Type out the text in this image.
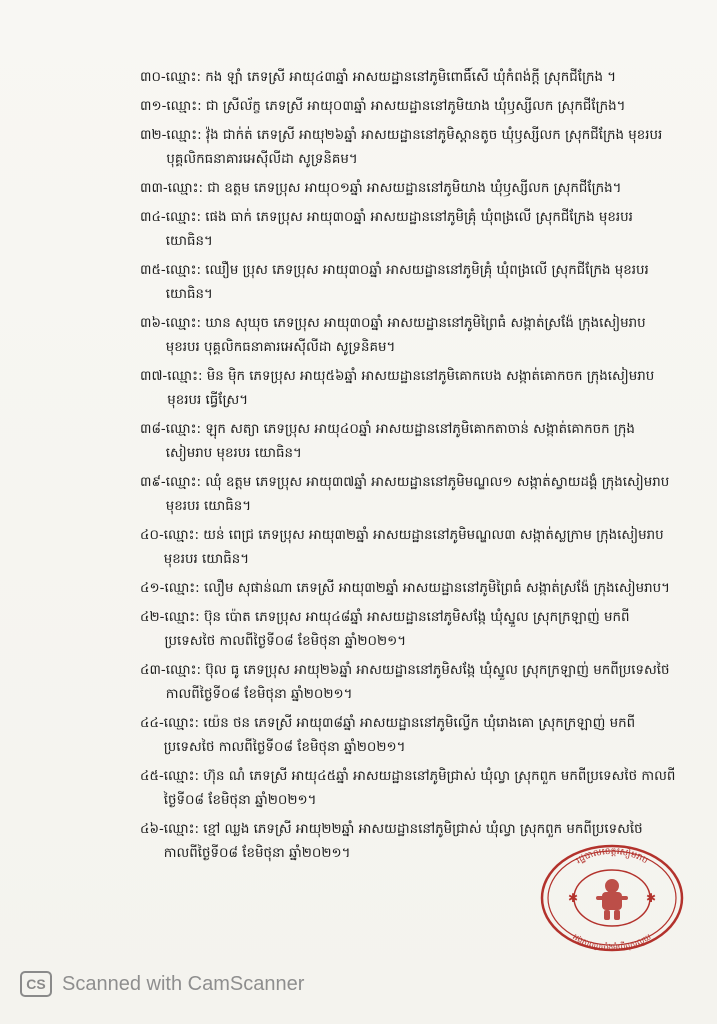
៣០- ឈ្មោះ: កង ឡាំ ភេទស្រី អាយុ៤៣ឆ្នាំ អាសយដ្ឋាននៅភូមិពោធិ៍សើ ឃុំកំពង់ក្តី ស្រុកជីក្រែង ។
៣១- ឈ្មោះ: ជា ស្រីល័ក្ខ ភេទស្រី អាយុ០៣ឆ្នាំ អាសយដ្ឋាននៅភូមិយាង ឃុំឫស្សីលក ស្រុកជីក្រែង។
៣២- ឈ្មោះ: វ៉ុង ជាក់ត់ ភេទស្រី អាយុ២៦ឆ្នាំ អាសយដ្ឋាននៅភូមិស្តានតូច ឃុំឫស្សីលក ស្រុកជីក្រែង មុខរបរ បុគ្គលិកធនាគារអេស៊ីលីដា សូទ្រនិគម។
៣៣- ឈ្មោះ: ជា ឧត្តម ភេទប្រុស អាយុ០១ឆ្នាំ អាសយដ្ឋាននៅភូមិយាង ឃុំឫស្សីលក ស្រុកជីក្រែង។
៣៤- ឈ្មោះ: ផេង ធាក់ ភេទប្រុស អាយុ៣០ឆ្នាំ អាសយដ្ឋាននៅភូមិគ្រុំ ឃុំពង្រលើ ស្រុកជីក្រែង មុខរបរ យោធិន។
៣៥- ឈ្មោះ: ឈឿម ប្រុស ភេទប្រុស អាយុ៣០ឆ្នាំ អាសយដ្ឋាននៅភូមិគ្រុំ ឃុំពង្រលើ ស្រុកជីក្រែង មុខរបរ យោធិន។
៣៦- ឈ្មោះ: ឃាន សុឃុច ភេទប្រុស អាយុ៣០ឆ្នាំ អាសយដ្ឋាននៅភូមិព្រៃធំ សង្កាត់ស្រង៉ែ ក្រុងសៀមរាប មុខរបរ បុគ្គលិកធនាគារអេស៊ីលីដា សូទ្រនិគម។
៣៧- ឈ្មោះ: មិន ម៉ិក ភេទប្រុស អាយុ៥៦ឆ្នាំ អាសយដ្ឋាននៅភូមិគោកបេង សង្កាត់គោកចក ក្រុងសៀមរាប មុខរបរ ធ្វើស្រែ។
៣៨- ឈ្មោះ: ឡុក សត្យា ភេទប្រុស អាយុ៤០ឆ្នាំ អាសយដ្ឋាននៅភូមិគោកតាចាន់ សង្កាត់គោកចក ក្រុងសៀមរាប មុខរបរ យោធិន។
៣៩- ឈ្មោះ: ឈុំ ឧត្តម ភេទប្រុស អាយុ៣៧ឆ្នាំ អាសយដ្ឋាននៅភូមិមណ្ឌល១ សង្កាត់ស្វាយដង្គំ ក្រុងសៀមរាប មុខរបរ យោធិន។
៤០- ឈ្មោះ: យន់ ពេជ្រ ភេទប្រុស អាយុ៣២ឆ្នាំ អាសយដ្ឋាននៅភូមិមណ្ឌល៣ សង្កាត់ស្លក្រាម ក្រុងសៀមរាប មុខរបរ យោធិន។
៤១- ឈ្មោះ: លឿម សុផាន់ណា ភេទស្រី អាយុ៣២ឆ្នាំ អាសយដ្ឋាននៅភូមិព្រៃធំ សង្កាត់ស្រង៉ែ ក្រុងសៀមរាប។
៤២- ឈ្មោះ: ប៊ុន ប៉ោត ភេទប្រុស អាយុ៤៨ឆ្នាំ អាសយដ្ឋាននៅភូមិសង្កែ ឃុំស្នួល ស្រុកក្រឡាញ់ មកពីប្រទេសថៃ កាលពីថ្ងៃទី០៨ ខែមិថុនា ឆ្នាំ២០២១។
៤៣- ឈ្មោះ: ប៊ុល ធូ ភេទប្រុស អាយុ២៦ឆ្នាំ អាសយដ្ឋាននៅភូមិសង្កែ ឃុំស្នួល ស្រុកក្រឡាញ់ មកពីប្រទេសថៃ កាលពីថ្ងៃទី០៨ ខែមិថុនា ឆ្នាំ២០២១។
៤៤- ឈ្មោះ: យ៉េន ថន ភេទស្រី អាយុ៣៨ឆ្នាំ អាសយដ្ឋាននៅភូមិល្វើក ឃុំរោងគោ ស្រុកក្រឡាញ់ មកពីប្រទេសថៃ កាលពីថ្ងៃទី០៨ ខែមិថុនា ឆ្នាំ២០២១។
៤៥- ឈ្មោះ: ហ៊ុន ណំ ភេទស្រី អាយុ៤៥ឆ្នាំ អាសយដ្ឋាននៅភូមិជ្រាស់ ឃុំល្វា ស្រុកពួក មកពីប្រទេសថៃ កាលពីថ្ងៃទី០៨ ខែមិថុនា ឆ្នាំ២០២១។
៤៦- ឈ្មោះ: ខ្មៅ ឈ្លង ភេទស្រី អាយុ២២ឆ្នាំ អាសយដ្ឋាននៅភូមិជ្រាស់ ឃុំល្វា ស្រុកពួក មកពីប្រទេសថៃ កាលពីថ្ងៃទី០៨ ខែមិថុនា ឆ្នាំ២០២១។
✱	✱
រដ្ឋបាលខេត្តសៀមរាប
អង្គភាពប្រឆាំងអំពើពុករលួយ
CS Scanned with CamScanner
